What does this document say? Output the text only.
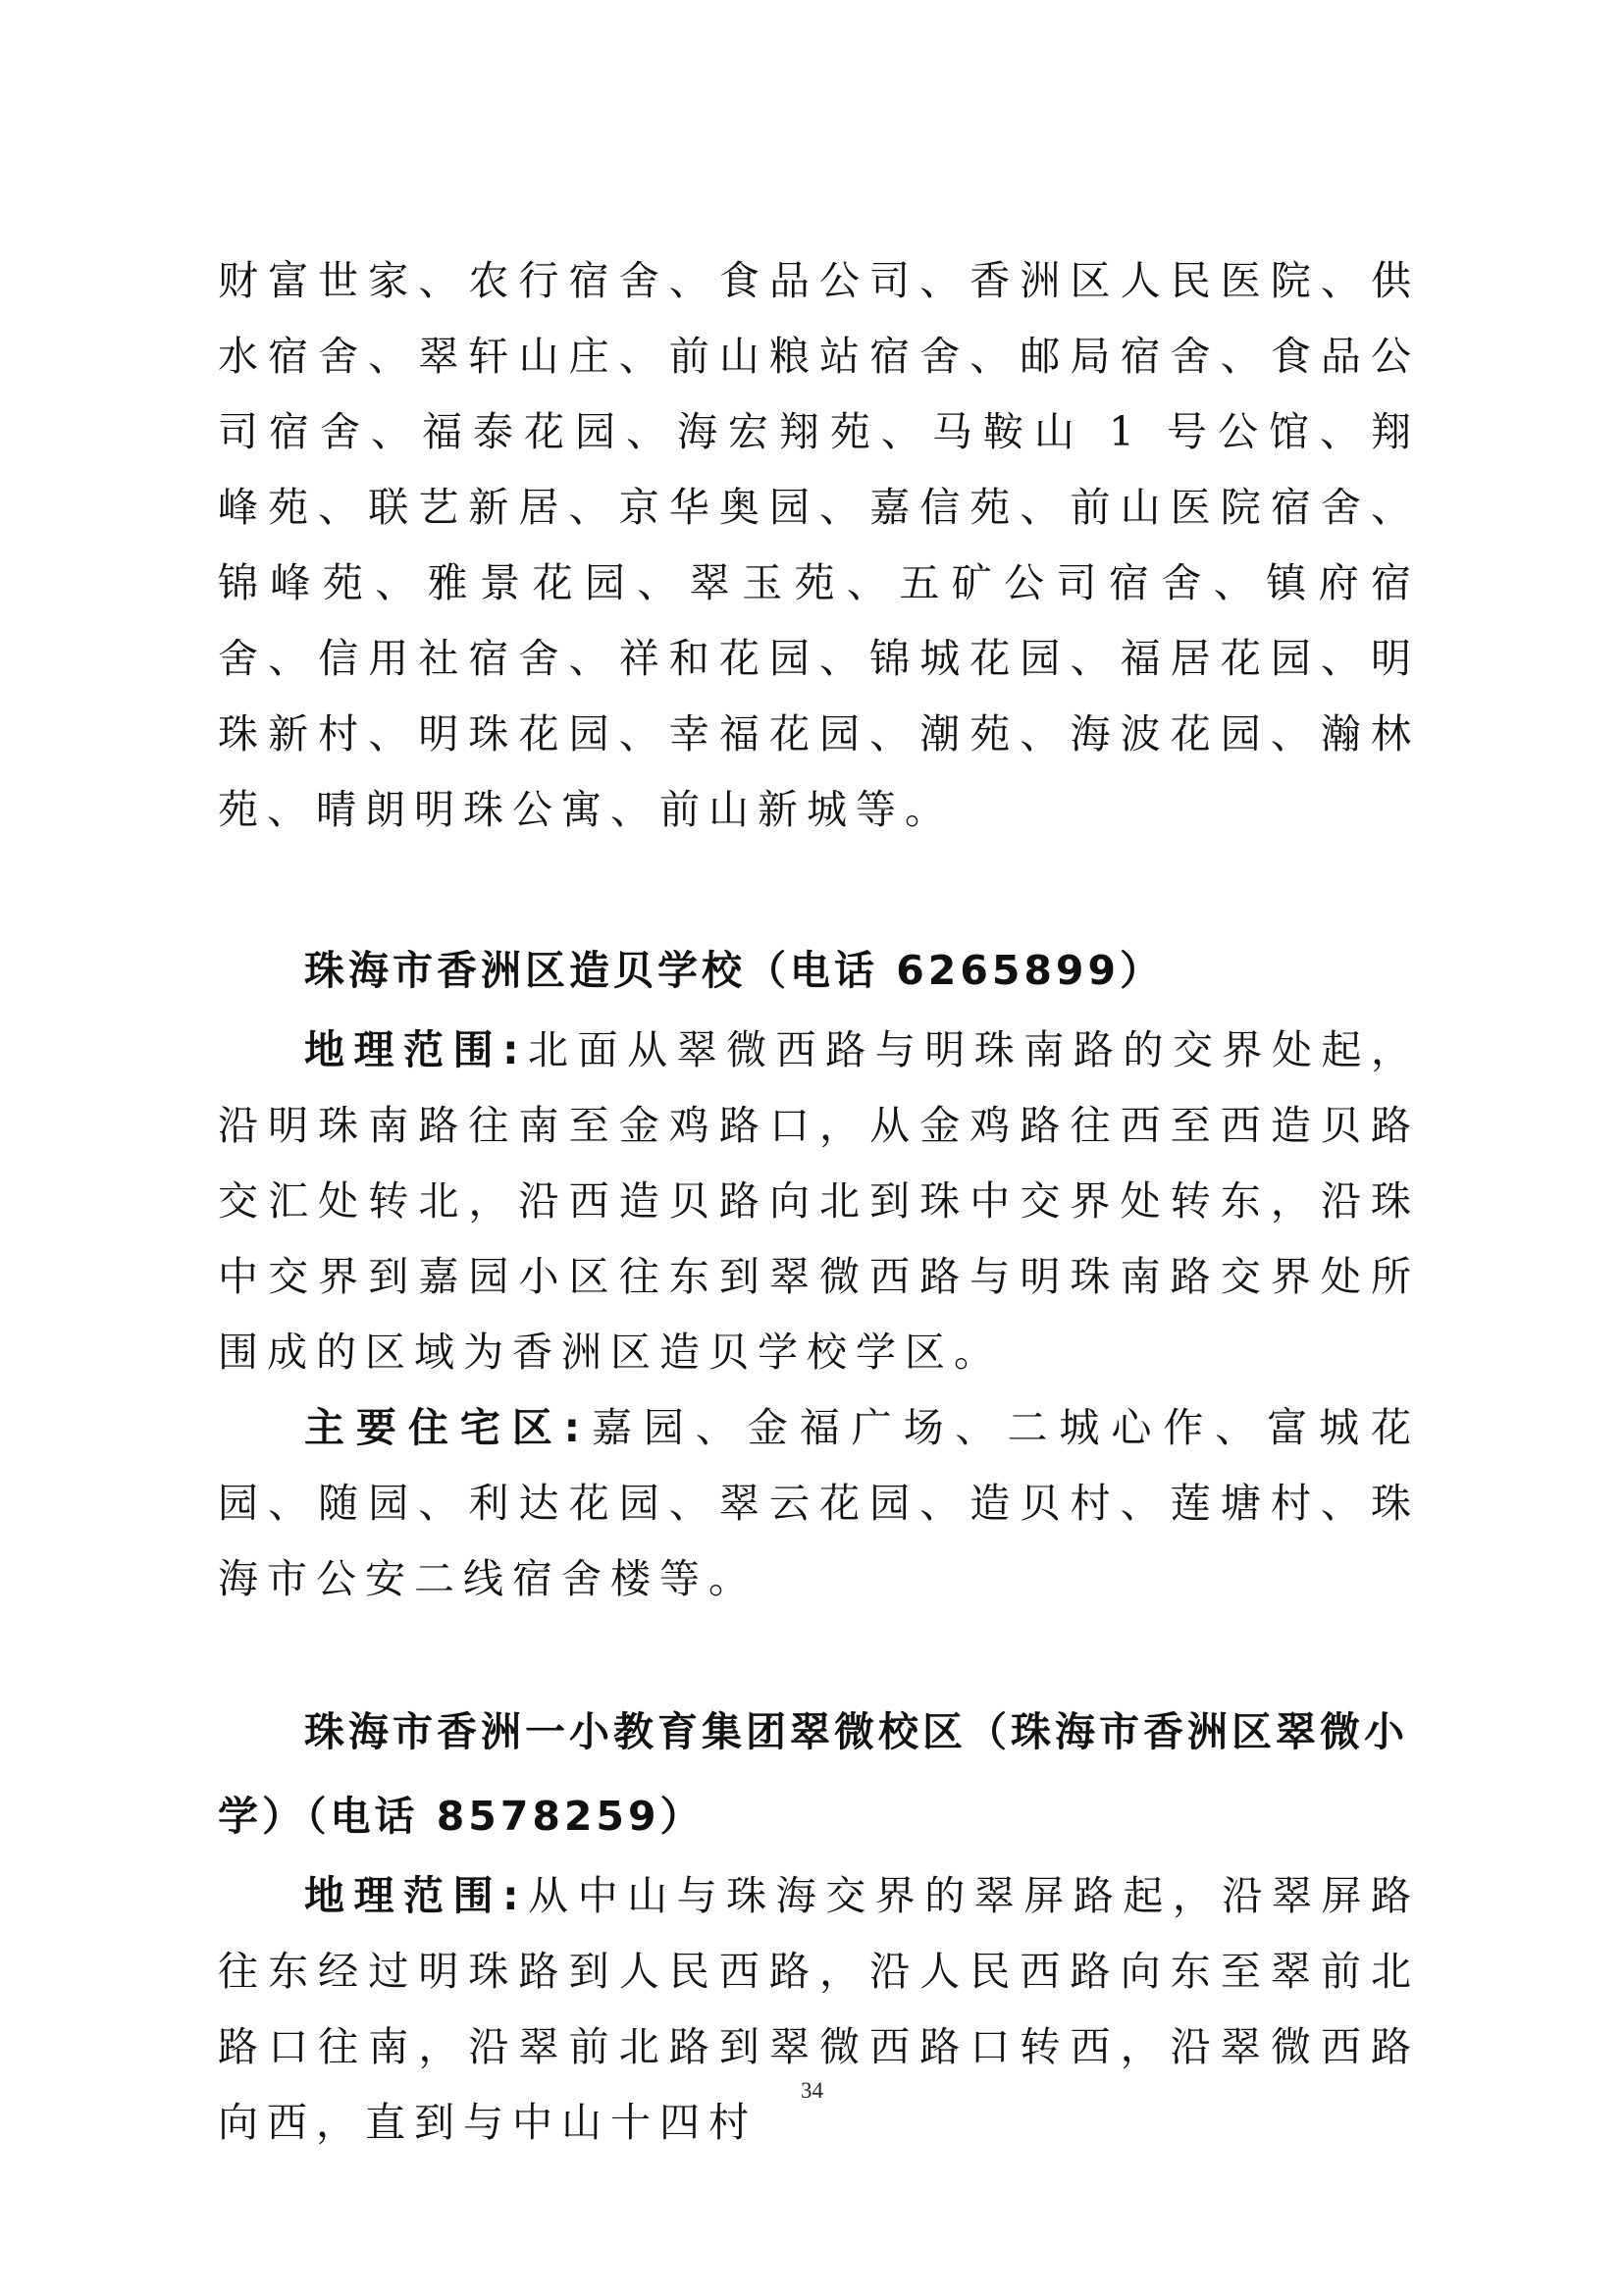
财富世家、农行宿舍、食品公司、香洲区人民医院、供水宿舍、翠轩山庄、前山粮站宿舍、邮局宿舍、食品公司宿舍、福泰花园、海宏翔苑、马鞍山 1 号公馆、翔峰苑、联艺新居、京华奥园、嘉信苑、前山医院宿舍、锦峰苑、雅景花园、翠玉苑、五矿公司宿舍、镇府宿舍、信用社宿舍、祥和花园、锦城花园、福居花园、明珠新村、明珠花园、幸福花园、潮苑、海波花园、瀚林苑、晴朗明珠公寓、前山新城等。

珠海市香洲区造贝学校（电话 6265899）

地理范围:北面从翠微西路与明珠南路的交界处起，沿明珠南路往南至金鸡路口，从金鸡路往西至西造贝路交汇处转北，沿西造贝路向北到珠中交界处转东，沿珠中交界到嘉园小区往东到翠微西路与明珠南路交界处所围成的区域为香洲区造贝学校学区。

主要住宅区:嘉园、金福广场、二城心作、富城花园、随园、利达花园、翠云花园、造贝村、莲塘村、珠海市公安二线宿舍楼等。

珠海市香洲一小教育集团翠微校区（珠海市香洲区翠微小学）（电话 8578259）

地理范围:从中山与珠海交界的翠屏路起，沿翠屏路往东经过明珠路到人民西路，沿人民西路向东至翠前北路口往南，沿翠前北路到翠微西路口转西，沿翠微西路向西，直到与中山十四村

34
